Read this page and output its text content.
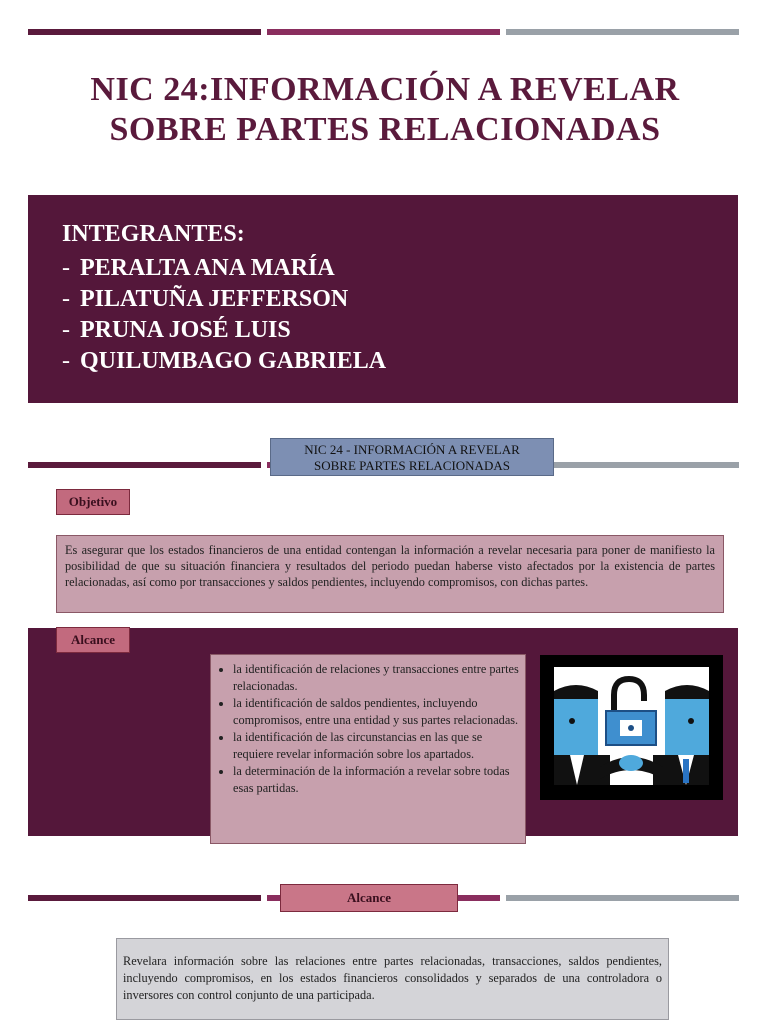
NIC 24:INFORMACIÓN A REVELAR
SOBRE PARTES RELACIONADAS
INTEGRANTES:
- PERALTA ANA MARÍA
- PILATUÑA JEFFERSON
- PRUNA JOSÉ LUIS
- QUILUMBAGO GABRIELA
NIC 24 - INFORMACIÓN A REVELAR
SOBRE PARTES RELACIONADAS
Objetivo
Es asegurar que los estados financieros de una entidad contengan la información a revelar necesaria para poner de manifiesto la posibilidad de que su situación financiera y resultados del periodo puedan haberse visto afectados por la existencia de partes relacionadas, así como por transacciones y saldos pendientes, incluyendo compromisos, con dichas partes.
Alcance
• la identificación de relaciones y transacciones entre partes relacionadas.
• la identificación de saldos pendientes, incluyendo compromisos, entre una entidad y sus partes relacionadas.
• la identificación de las circunstancias en las que se requiere revelar información sobre los apartados.
• la determinación de la información a revelar sobre todas esas partidas.
Alcance
Revelara información sobre las relaciones entre partes relacionadas, transacciones, saldos pendientes, incluyendo compromisos, en los estados financieros consolidados y separados de una controladora o inversores con control conjunto de una participada.
